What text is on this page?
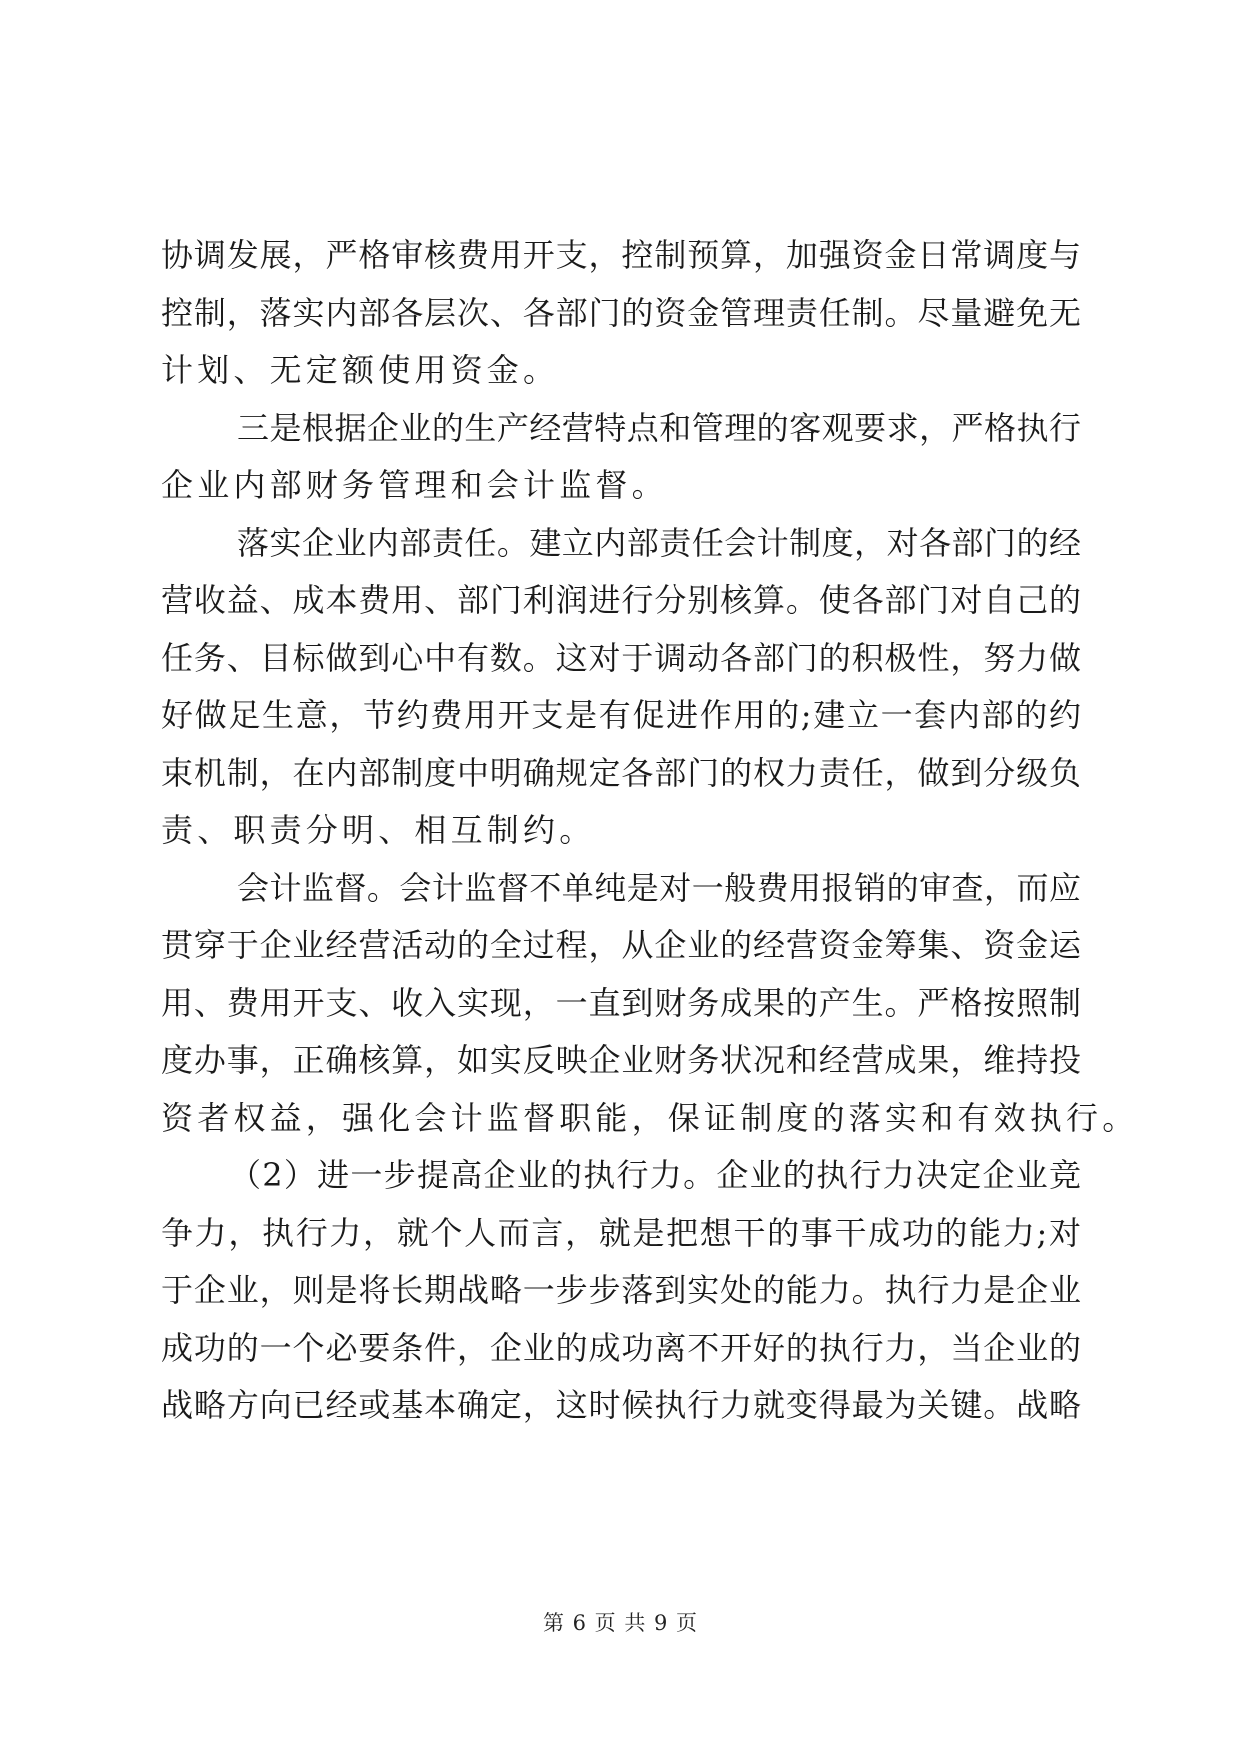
协调发展，严格审核费用开支，控制预算，加强资金日常调度与
控制，落实内部各层次、各部门的资金管理责任制。尽量避免无
计划、无定额使用资金。
三是根据企业的生产经营特点和管理的客观要求，严格执行
企业内部财务管理和会计监督。
落实企业内部责任。建立内部责任会计制度，对各部门的经
营收益、成本费用、部门利润进行分别核算。使各部门对自己的
任务、目标做到心中有数。这对于调动各部门的积极性，努力做
好做足生意，节约费用开支是有促进作用的;建立一套内部的约
束机制，在内部制度中明确规定各部门的权力责任，做到分级负
责、职责分明、相互制约。
会计监督。会计监督不单纯是对一般费用报销的审查，而应
贯穿于企业经营活动的全过程，从企业的经营资金筹集、资金运
用、费用开支、收入实现，一直到财务成果的产生。严格按照制
度办事，正确核算，如实反映企业财务状况和经营成果，维持投
资者权益，强化会计监督职能，保证制度的落实和有效执行。
（2）进一步提高企业的执行力。企业的执行力决定企业竞
争力，执行力，就个人而言，就是把想干的事干成功的能力;对
于企业，则是将长期战略一步步落到实处的能力。执行力是企业
成功的一个必要条件，企业的成功离不开好的执行力，当企业的
战略方向已经或基本确定，这时候执行力就变得最为关键。战略
第 6 页 共 9 页
